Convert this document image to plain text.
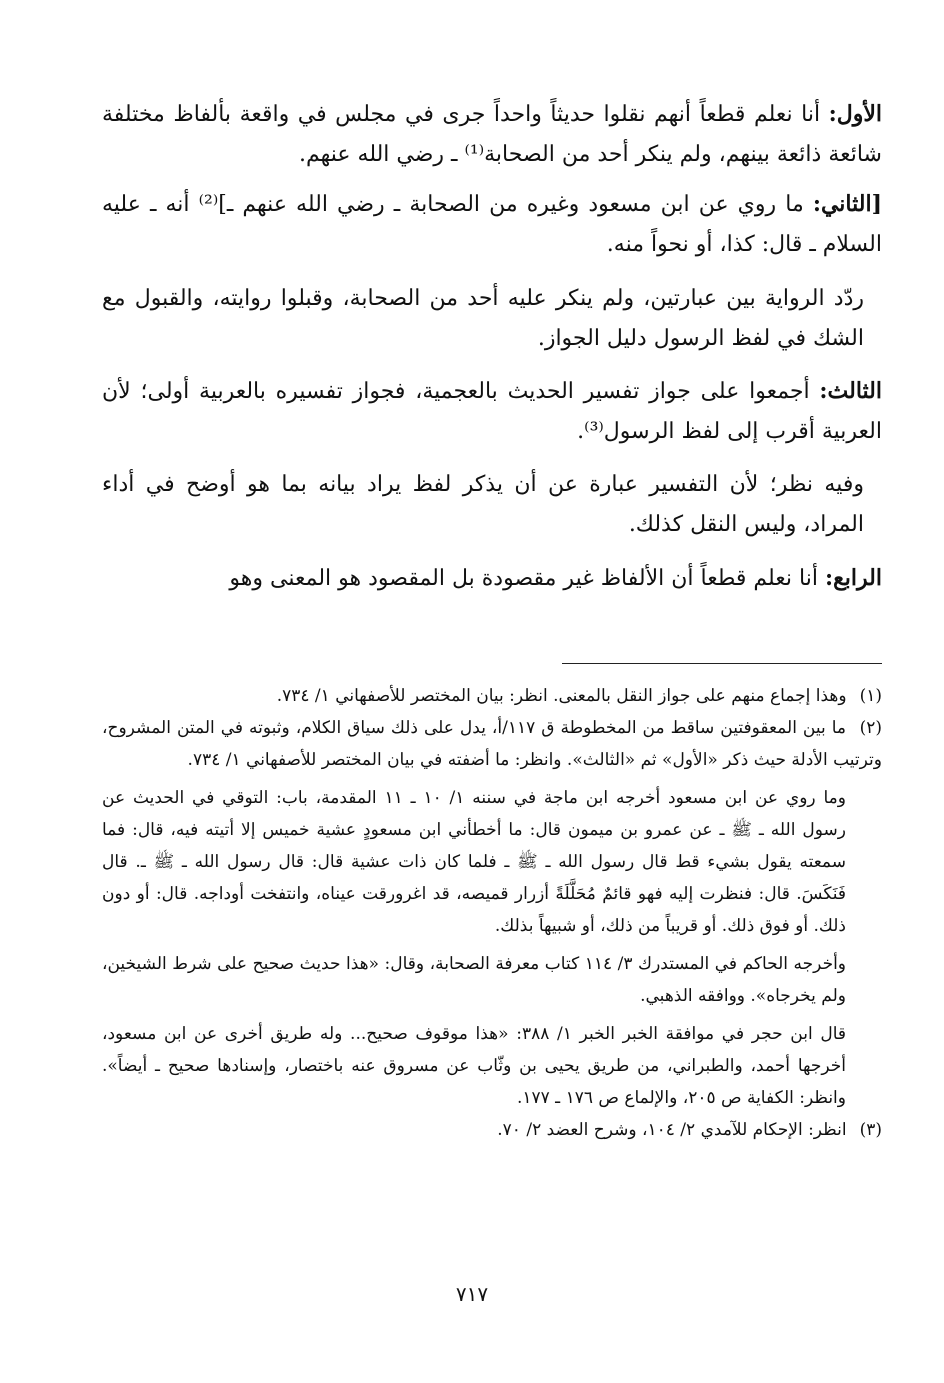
الأول: أنا نعلم قطعاً أنهم نقلوا حديثاً واحداً جرى في مجلس في واقعة بألفاظ مختلفة شائعة ذائعة بينهم، ولم ينكر أحد من الصحابة⁽¹⁾ ـ رضي الله عنهم.

[الثاني: ما روي عن ابن مسعود وغيره من الصحابة ـ رضي الله عنهم ـ]⁽²⁾ أنه ـ عليه السلام ـ قال: كذا، أو نحواً منه.

ردّد الرواية بين عبارتين، ولم ينكر عليه أحد من الصحابة، وقبلوا روايته، والقبول مع الشك في لفظ الرسول دليل الجواز.

الثالث: أجمعوا على جواز تفسير الحديث بالعجمية، فجواز تفسيره بالعربية أولى؛ لأن العربية أقرب إلى لفظ الرسول⁽³⁾.

وفيه نظر؛ لأن التفسير عبارة عن أن يذكر لفظ يراد بيانه بما هو أوضح في أداء المراد، وليس النقل كذلك.

الرابع: أنا نعلم قطعاً أن الألفاظ غير مقصودة بل المقصود هو المعنى وهو

(١) وهذا إجماع منهم على جواز النقل بالمعنى. انظر: بيان المختصر للأصفهاني ١/ ٧٣٤.
(٢) ما بين المعقوفتين ساقط من المخطوطة ق ١١٧/أ، يدل على ذلك سياق الكلام، وثبوته في المتن المشروح، وترتيب الأدلة حيث ذكر «الأول» ثم «الثالث». وانظر: ما أضفته في بيان المختصر للأصفهاني ١/ ٧٣٤.
وما روي عن ابن مسعود أخرجه ابن ماجة في سننه ١/ ١٠ ـ ١١ المقدمة، باب: التوقي في الحديث عن رسول الله ـ ﷺ ـ عن عمرو بن ميمون قال: ما أخطأني ابن مسعودٍ عشية خميس إلا أتيته فيه، قال: فما سمعته يقول بشيء قط قال رسول الله ـ ﷺ ـ فلما كان ذات عشية قال: قال رسول الله ـ ﷺ ـ. قال فَنَكَسَ. قال: فنظرت إليه فهو قائمٌ مُحَلَّلَةً أزرار قميصه، قد اغرورقت عيناه، وانتفخت أوداجه. قال: أو دون ذلك. أو فوق ذلك. أو قريباً من ذلك، أو شبيهاً بذلك.
وأخرجه الحاكم في المستدرك ٣/ ١١٤ كتاب معرفة الصحابة، وقال: «هذا حديث صحيح على شرط الشيخين، ولم يخرجاه». ووافقه الذهبي.
قال ابن حجر في موافقة الخبر الخبر ١/ ٣٨٨: «هذا موقوف صحيح... وله طريق أخرى عن ابن مسعود، أخرجها أحمد، والطبراني، من طريق يحيى بن وثّاب عن مسروق عنه باختصار، وإسنادها صحيح ـ أيضاً». وانظر: الكفاية ص ٢٠٥، والإلماع ص ١٧٦ ـ ١٧٧.
(٣) انظر: الإحكام للآمدي ٢/ ١٠٤، وشرح العضد ٢/ ٧٠.
٧١٧
